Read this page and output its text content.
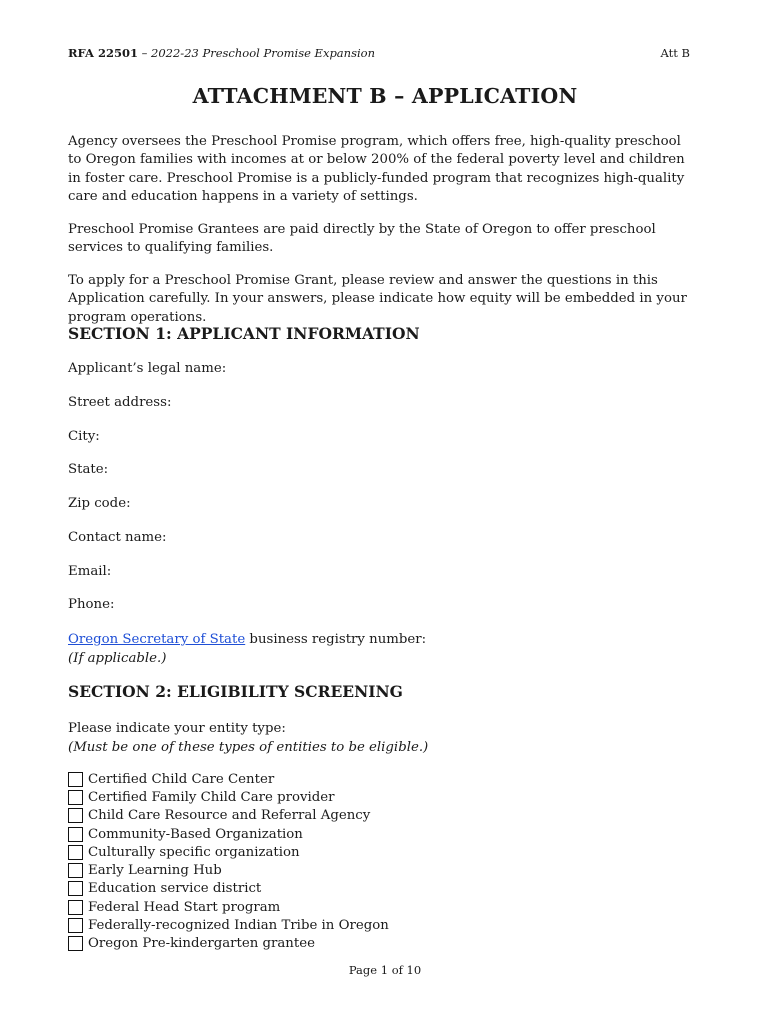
RFA 22501 – 2022-23 Preschool Promise Expansion	Att B
ATTACHMENT B – APPLICATION
Agency oversees the Preschool Promise program, which offers free, high-quality preschool to Oregon families with incomes at or below 200% of the federal poverty level and children in foster care. Preschool Promise is a publicly-funded program that recognizes high-quality care and education happens in a variety of settings.
Preschool Promise Grantees are paid directly by the State of Oregon to offer preschool services to qualifying families.
To apply for a Preschool Promise Grant, please review and answer the questions in this Application carefully. In your answers, please indicate how equity will be embedded in your program operations.
SECTION 1: APPLICANT INFORMATION
Applicant’s legal name:
Street address:
City:
State:
Zip code:
Contact name:
Email:
Phone:
Oregon Secretary of State business registry number:
(If applicable.)
SECTION 2: ELIGIBILITY SCREENING
Please indicate your entity type:
(Must be one of these types of entities to be eligible.)
Certified Child Care Center
Certified Family Child Care provider
Child Care Resource and Referral Agency
Community-Based Organization
Culturally specific organization
Early Learning Hub
Education service district
Federal Head Start program
Federally-recognized Indian Tribe in Oregon
Oregon Pre-kindergarten grantee
Page 1 of 10
